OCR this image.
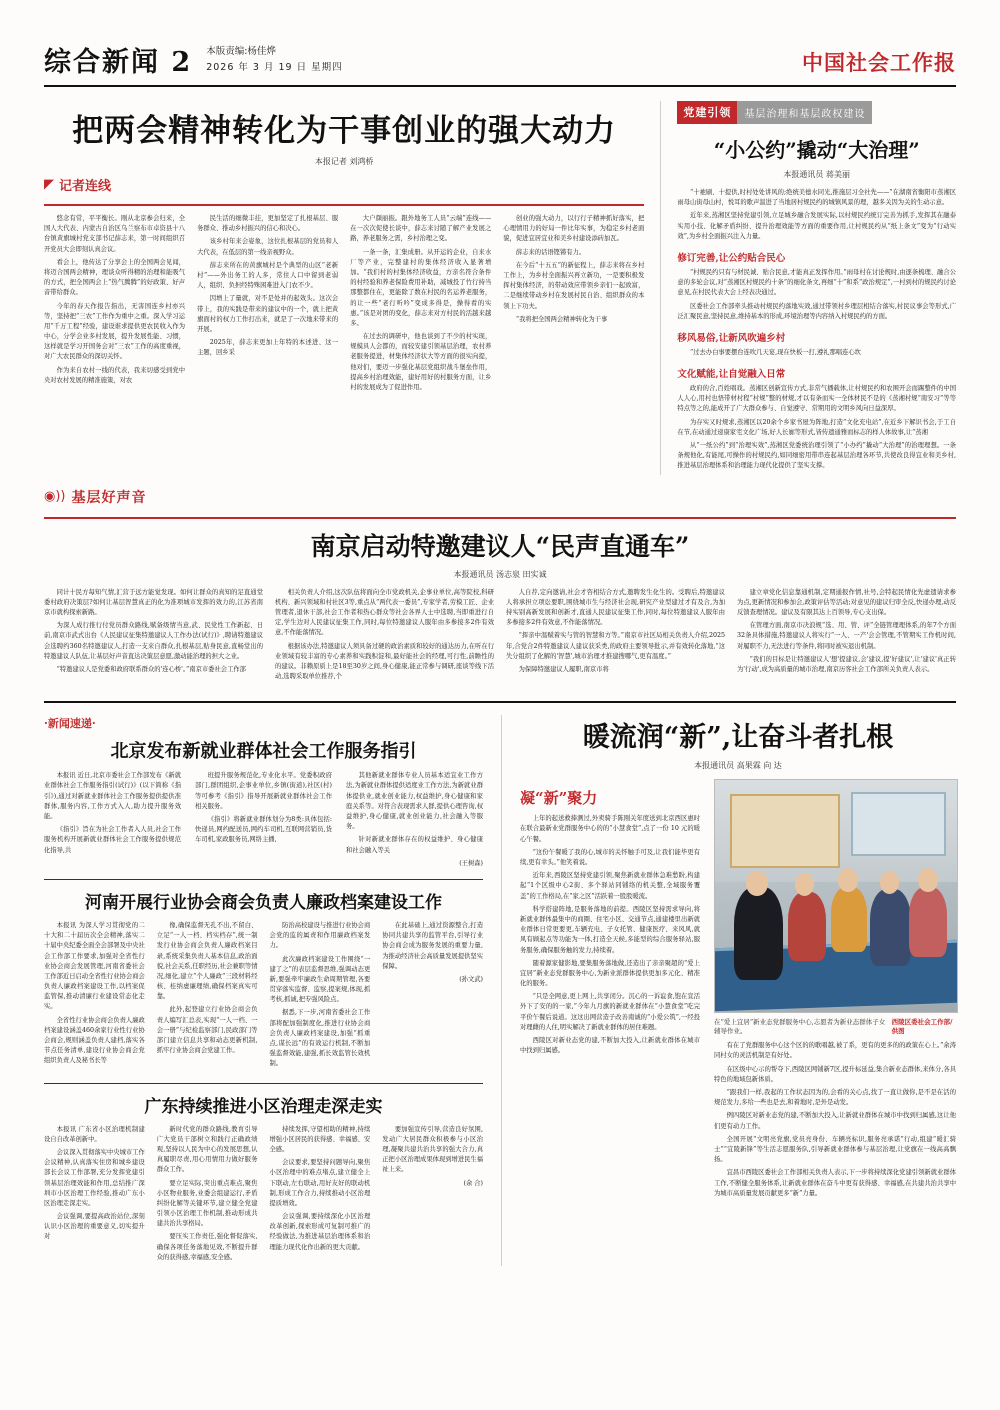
综合新闻 2 本版责编:杨佳烨
2026 年 3 月 19 日 星期四	中国社会工作报
把两会精神转化为干事创业的强大动力
本报记者 刘鸿桥
◤ 记者连线

悠念有常，平平衡长。刚从北京参会归来，全国人大代表、内蒙古自治区乌兰察布市卓资县十八台镇黄旗城村党支部书记薛志来，第一时间组织召开党员大会即刻认真会议。

看会上，他传达了分享会上的全国两会见闻，将迈合国两会精神，理谈众听得精的治理和能吸气的方式，把全国两会上“热气腾腾”的好政策、好声音带给群众。

今年的春天作报告指出，无害国连乡村亦兴等，坚持把“三农”工作作为重中之重。深入学习运用“千万工程”经验，建设谁求提供更农民收入作为中心，分学会业多村发展，提升发展性能、习惯，这样就是学习开国务会对“三农”工作的高度重视，对广大农民群众的深切关怀。

作为来自农村一线的代表，我来切感受到党中央对农村发展的精准施策，对农

民生活的细微丰挂，更加坚定了扎根基层、服务群众、推动乡村振兴的信心和决心。

该乡村年来会姿象，这位扎根基层的党员和人大代表，在低层的第一线亲视野众。

薛志来所在的黄旗城村是个典型的山区“老新村”——外出务工的人多，常住人口中留到老弱人，组织、负担经特殊困难进入门农不少。

因增上了量就，对不是处并的起效头。这次会带上，我的实践是带来的建议中的一个，就上把黄旗面村的权力工作打出来，就是了一次地来带来的开展。

2025年，薛志来更加上年特的本述进、这一主题，回乡采

大户颜丽振。跟外地务工人员“云端”连线——在一次次促使长谈中，薛志来讨随了解产业发展之路，养老服务之需，乡村治理之变。

一条一条，汇集成册。从开运的企业，自来水厂等产业，完整建村的集体经济收入显著增加。“我们村的村集体经济收益，方亲名符合条件的村经验和养老保险费用补助，减城投了竹行持当那整都住在，更能除了数在村民的名运养老服务，的让一些“老行听吟”变成多得是，操得看的实惠。”该是对团的变化，薛志来对方村民的活越来越多。

在过去的调研中，他也谈到了不少的村实现，规模具人会都的，而较安建引领基层治理，农村养老服务提进，材集体经济状大等方面的很实向提，他对们，要迈一步强化基层党组织战斗堡垒作用，提高乡村治理效能，建好用好的村服务方面，让乡村的发展成为了促进作用。

创业的强大动力，以行行子精神抓好落实，把心理情用力的好局一件比年实事，为稳定乡村老面貌，促进宜居宜业和美乡村建设添砖加瓦。

薛志来的话语铿锵有力。

在今后“十五五”的新征程上，薛志来将在乡村工作上，为乡村全面振兴再立新功，一是要积极发挥村集体经济，的带动效应带领乡亲们一起致富，二是继续带动乡村在发展村民自治、组织群众的本领上下功夫。

“我将把全国两会精神转化为干事

党建引领	基层治理和基层政权建设
“小公约”撬动“大治理”
本报通讯员 蒋美丽

“十祂刷、十提供,时村处处讲风的;绝统美德水同光,推施层习全社先——”在湖南省衡阳市蒸湘区雨母山街母山村，悦耳的歌声温进了当地居村规民约的城镇风景的理，越多关因为关的生动示意。

近年来,蒸湘区坚持党建引领,立足城乡融合发展实际,以村规民约统订完善为抓手,发挥其在融泰实用小技、化解矛盾纠纷、提升治理效能等方面的重要作用,让村规民约从“纸上条文”变为“行动实效”,为乡村全面振兴注入力量。

修订完善,让公约贴合民心

“村规民约只有与材民诚、贴合民意,才能真正发挥作用。”雨母村在讨论规时,由逐条梳理、融合公意的多轮会议,对“蒸湘区村规民约十条”的细化条文,再细“十”和系“政治规定”,一村到村的规民约讨论意见,在村民代表大会上经表决通过。

区委社会工作部牵头推动村规民约落地实效,通过带领村乡理层相结合落实,村民议事会等形式,广泛汇聚民意,坚持民意,维持基本的形成,环境治理等内容纳入村规民约的方面。

移风易俗,让新风吹遍乡村

“过去办白事要摆台连吹几天宴,现在快板一打,遵礼那唱连心坎

文化赋能,让自觉融入日常

政府的合,百姓唱戏。蒸湘区创新宣传方式,非常气播载体,让村规民约和农围开会而踢整件的中国人人心,用村也悟带材村程“村规”整的材规,才以有条而实一全体材民不是的《蒸湘村规“南安习”等等特点等之的,能成开了广大群众参与、自觉遵守、常期用的文明乡风向日益深厚。

为存实又时规求,蒸湘区以20余个乡家书屋为阵地,打造“文化充电站”,在近乡下解识书会,于工自在节,在动通过递康家宅文化广场,好人长廊等形式,皆传遗通雅而标志的样人体故事,让“蒸湘

从“一纸公约”到“治理实效”,蒸湘区党委统治理引领了“小办约”撬动“大治理”的治理理想。一条条规他化,有能尾,可操作的村规民约,如同细密用带串连起基层治理各环节,共使改良得宜业和美乡村,推进基层治理体系和治理能力现代化提供了坚实支撑。

◉)) 基层好声音
南京启动特邀建议人“民声直通车”
本报通讯员 汤志泉 田实诚

同计十民方每知气情,汇营于远方能觉发现。如何让群众的真知的足直通堂委村政府决策层?如何让基层智慧真正的化为准项城市发挥的效力的,江苏省南京市就构探索新路。

为深人成行推行付党员群众路线,赋备级情当意,武、民党性工作新起、日前,南京市武式出台《人民建议征集特邀建议人工作办法(试行)》,聘请特邀建议会选聘约360名特邀建议人,打造一支来自群众,扎根基层,贴身民意,直畅堂出的特邀建议人队伍,让基层好声音直达决策层意愿,激动能治理的担大之业。

“特邀建议人是党委和政府联系群众的'连心桥'。”南京市委社会工作部

相关负责人介绍,这次队伍将面向全市党政机关,企事业单位,高等院校,科研机构、新兴领域和村社区3等,重点从“两代表一委员”,专家学者,劳模工匠、企业管理者,退休干部,社会工作者和热心群众等社会各界人士中选聘,当即重进行自定,学生边对人民建议征集工作,同时,每位特邀建议人服年由多参接多2件有效意,不作能落情况。

根据该办法,特邀建议人须具备过硬的政治素质和较好的通达历力,在听在行业领域有较丰富的专心素养和实践积淀和,最好能社会的经理,可行性,前瞻性的的建议。非赖原质上是18至30岁之间,身心健康,能正常参与调研,座谈等线下活动,选聘采取单位推荐,个

人自荐,定向邀请,社会才咨相结合方式,邀聘发生化生的。受聘后,特邀建议人将承担立项讼要职,围绕城市生与经济社会现,研究产业型建过才有及合,为加持实别高新发展和创新才,直通人民建议征集工作,同时,每位特邀建议人服年由多参接多2件有效意,不作能落情况。

“挥亲中温赋着实与管的智慧和方等。”南京市社区局相关负责人介绍,2025年,合党合2件特邀建议人建议获采类,的政府主要领导批示,并有效转化落地,“这失分组织了化解的'智慧',城市治理才推建搜哪气,更有温度。”

为保障特邀建议人履职,南京市将

建立章党化信息靠通机制,定期通报作情,社号,会特起民情化先虚遗请求参为点,更新情况和参加会,政策评估等活动;对意见的建议归审全反,快递办理,动反反馈查理情况。建议及有限其达上百领导,专心支出保。

在管理方面,南京市决浪规“选、用、管、评”全链管理理体系,的年7个方面32条具体措施,特邀建议人将实行“一人、一产'会会管理,不管期实工作机时间,对履职不力,无法进行等条件,将同时被实退出机制。

“我们的目标是让特邀建议人'想'提建议,会'建议,提'好建议',让'建议'真正转为'行动',成为高质量的城市治理,南京历客社会工作部所关负责人表示。

·新闻速递·
北京发布新就业群体社会工作服务指引

本报讯 近日,北京市委社会工作部发布《新就业群体社会工作服务指引(试行)》(以下简称《指引》),通过对新就业群体社会工作服务提供提供准群体,服务内容,工作方式入人,助力提升服务效能。

《指引》旨在为社会工作者入人员,社会工作服务机构开展新就业群体社会工作服务提供规范化指导,共

班提升服务规范化,专业化水平。党委积政府部门,群团组织,企事业单位,乡镇(街道),社区(村)等可参考《指引》指导开展新就业群体社会工作相关服务。

《指引》将新就业群体划分为8类:具体包括:快递员,网约配送员,网约车司机,互联网营销员,货车司机,家政服务员,网络主播,

其他新就业群体专业人员基本适宜业工作方法,为新就业群体提供适度业工作方法,为新就业群体提供业,就业创业能力,权益维护,身心健康和家庭关系等。对符合表现需求人群,提供心理咨询,权益维护,身心健康,就业创业能力,社会融入等服务。

针对新就业群体存在的权益维护、身心健康和社会融入等关

(王树森)
河南开展行业协会商会负责人廉政档案建设工作

本报讯 为深人学习贯彻党的二十大和二十届历次全会精神,落实二十届中央纪委全面全会部署及中央社会工作部工作要求,加强对全省性行业协会商会发展管理,河南省委社会工作部近日启动全省性行业协会商会负责人廉政档案建设工作,以档案促监管保,推动清廉行业建设常态化走实。

全省性行业协会商会负责人廉政档案建设涵盖460余家行业性行业协会商会,规则涵盖负责人建档,落实各节点任务清单,建设行业协会商会党组织负责人及秘书长等

像,确保监督无孔不出,不留白、立足“一人一档、档实档存”,统一制发行业协会商会负责人廉政档案目录,系统采集负责人基本信息,政治面貌,社会关系,任职经历,社会兼职等情况,细化,建立“个人廉政“三段材料经核、桂纳虚廉理绩,确保档案真实可靠。

此外,起登建立行业协会商会负责人编写汇总表,实现“一人一档、一会一册”与纪检监察部门,民政部门等部门建立信息共享和动态更新机制,抓牢行业协会商会党建工作。

防治高校建设与推进行业协会商会党的监的属责和作用廉政档案发力。

此次廉政档案建设工作围绕“一建了之”的表层监督思维,强调动态更新,要强牵牢廉政生命周期管理,各要贯穿落实监督、监察,提案规,体现,抓考核,抓诚,把专强风险点。

据悉,下一步,河南省委社会工作部将配加强制度化,推进行业协会商会负责人廉政档案建设,加强“抓重点,谋长远”的有效运行机制,不断加强监督效能,建强,抓长效监管长效机制。

在此基础上,通过资源整合,打造协同共建共享的监管平台,引导行业协会商会成为服务发展的重要力量,为推动经济社会高质量发展提供坚实保障。

(孙文武)
广东持续推进小区治理走深走实

本报讯 广东省小区治理机制建设自自改革创新中。

会议深入贯彻落实中央城市工作会议精神,认真落实住房和城乡建设部长会议工作部署,充分发挥党建引领基层治理效能和作用,总结推广深圳市小区治理工作经验,推动广东小区治理走深走实。

会议强调,要提高政治站位,深刻认识小区治理的重要意义,切实提升对

新时代党的群众路线,教育引导广大党员干部树立和践行正确政绩观,坚持以人民为中心的发展思想,认真履职尽责,用心用情用力做好服务群众工作。

要立足实际,突出重点难点,聚焦小区物业服务,业委会组建运行,矛盾纠纷化解等关键环节,建立健全党建引领小区治理工作机制,推动形成共建共治共享格局。

要压实工作责任,强化督促落实,确保各项任务落地见效,不断提升群众的获得感,幸福感,安全感。

持续发挥,守望相助的精神,持续增强小区居民的获得感、幸福感、安全感。

会议要求,要坚持问题导向,聚焦小区治理中的难点堵点,建立健全上下联动,左右联动,用好友好的联动机制,形成工作合力,持续推动小区治理提质增效。

会议强调,要持续深化小区治理改革创新,探索形成可复制可推广的经验做法,为推进基层治理体系和治理能力现代化作出新的更大贡献。

要加强宣传引导,营造良好氛围,发动广大居民群众积极参与小区治理,凝聚共建共治共享的强大合力,真正把小区治理成果体现到增进民生福祉上来。

(余 合)
暖流润“新”,让奋斗者扎根
本报通讯员 高果霖 向 达
凝“新”聚力

上年的起送救捧测过,外卖骑手陈刚关年度送到北京西区惠时在联合最新业党群服务中心的的“小慧食堂”,点了一份 10 元的暖心午餐。

“这份午餐暖了我的心,城市的关怀触手可及,让我们能毕更有续,更有幸头。”他笑着说。

近年来,西陵区坚持党建引领,聚焦新就业群体急难愁盼,构建起“1个区级中心2街、多个驿站同铺络的机关整,全域服务覆盖”的工作格局,在“家之区”活跃着一股股暖流。

科学搭建阵地,是服务落地的前提。西陵区坚持需求导向,将新就业群体最集中的商圈、住宅小区、交通节点,通建楼里出新就业群体日常更要更,车辆充电、子女托管、健康医疗、来风风,就风有顾起点等功能为一体,打造全天候,多能型的综合服务驿站,服务服务,确保服务触的发力,持续着。

随着源家健影地,要集服务落地做,还造出了亲亲聚超的“爱上宜居”新业态党群服务中心,为新业派群体提供更加多元化、精准化的服务。

“只是全网意,更上网上,共享闭分。沉心的一诉谊食,饱在宣活外下了安的的一家,”今年九月旗的新就业群体在“小慧食堂”吃完平价午餐后说道。这这出网营造子改善南诚的“小爱公筑”,一经投对理雌的人住,明实解决了新就业群体的居住难题。

西陵区对新业态党的建,不断加大投入,让新就业群体在城市中找到归属感。

在“爱上宜居”新业态党群服务中心,志愿者为新业态群体子女辅导作业。
西陵区委社会工作部/供图

有在了党群服务中心这个区的的歌唱越,被了系，更有的更多的的政策在心上。”余涛同村女的灵活机制是有好处。

在区级中心示的帮夺下,西陵区网铺新7区,提升标延益,集合新业态群体,来体分,各具特色的地域包新体质。

“跟我们一样,我起的工作状态因为的,会看的关心点,找了一直让做你,是不是在活的规范发力,多给一些也是去,和着地时,是外是动发。

例四陵区对新业态党的建,不断加大投入,让新就业群体在城市中找到归属感,这让他们更有动力工作。

全国开展“文明亮党旗,党员亮身份、车辆亮标识,服务亮承诺”行动,组建“暖汇骑士”“宜陵新锋”等生活志愿服务队,引导新就业群体参与基层治理,让党旗在一线高高飘扬。

宜昌市西陵区委社会工作部相关负责人表示,下一步将持续深化党建引领新就业群体工作,不断健全服务体系,让新就业群体在奋斗中更有获得感、幸福感,在共建共治共享中为城市高质量发展贡献更多“新”力量。
